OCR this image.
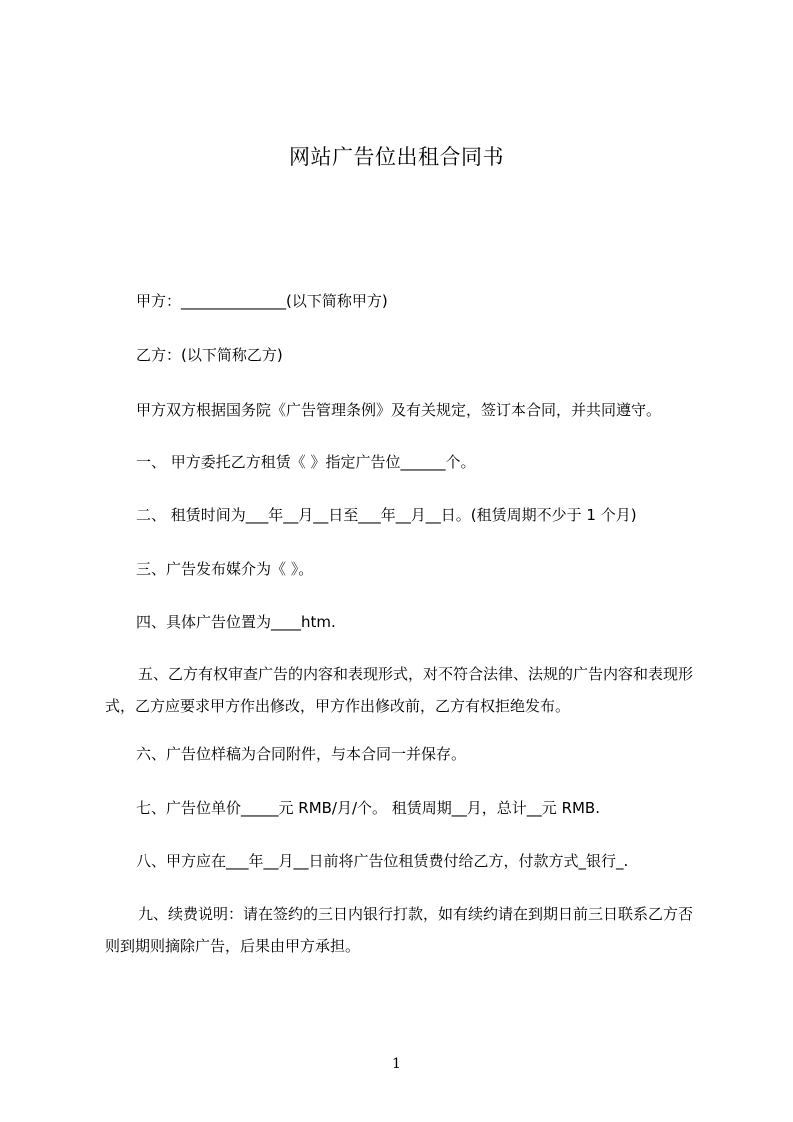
网站广告位出租合同书
甲方：______________(以下简称甲方)
乙方：(以下简称乙方)
甲方双方根据国务院《广告管理条例》及有关规定，签订本合同，并共同遵守。
一、 甲方委托乙方租赁《 》指定广告位______个。
二、 租赁时间为___年__月__日至___年__月__日。(租赁周期不少于 1 个月)
三、广告发布媒介为《 》。
四、具体广告位置为____htm.
五、乙方有权审查广告的内容和表现形式，对不符合法律、法规的广告内容和表现形式，乙方应要求甲方作出修改，甲方作出修改前，乙方有权拒绝发布。
六、广告位样稿为合同附件，与本合同一并保存。
七、广告位单价_____元 RMB/月/个。 租赁周期__月，总计__元 RMB.
八、甲方应在___年__月__日前将广告位租赁费付给乙方，付款方式_银行_.
九、续费说明：请在签约的三日内银行打款，如有续约请在到期日前三日联系乙方否则到期则摘除广告，后果由甲方承担。
1
